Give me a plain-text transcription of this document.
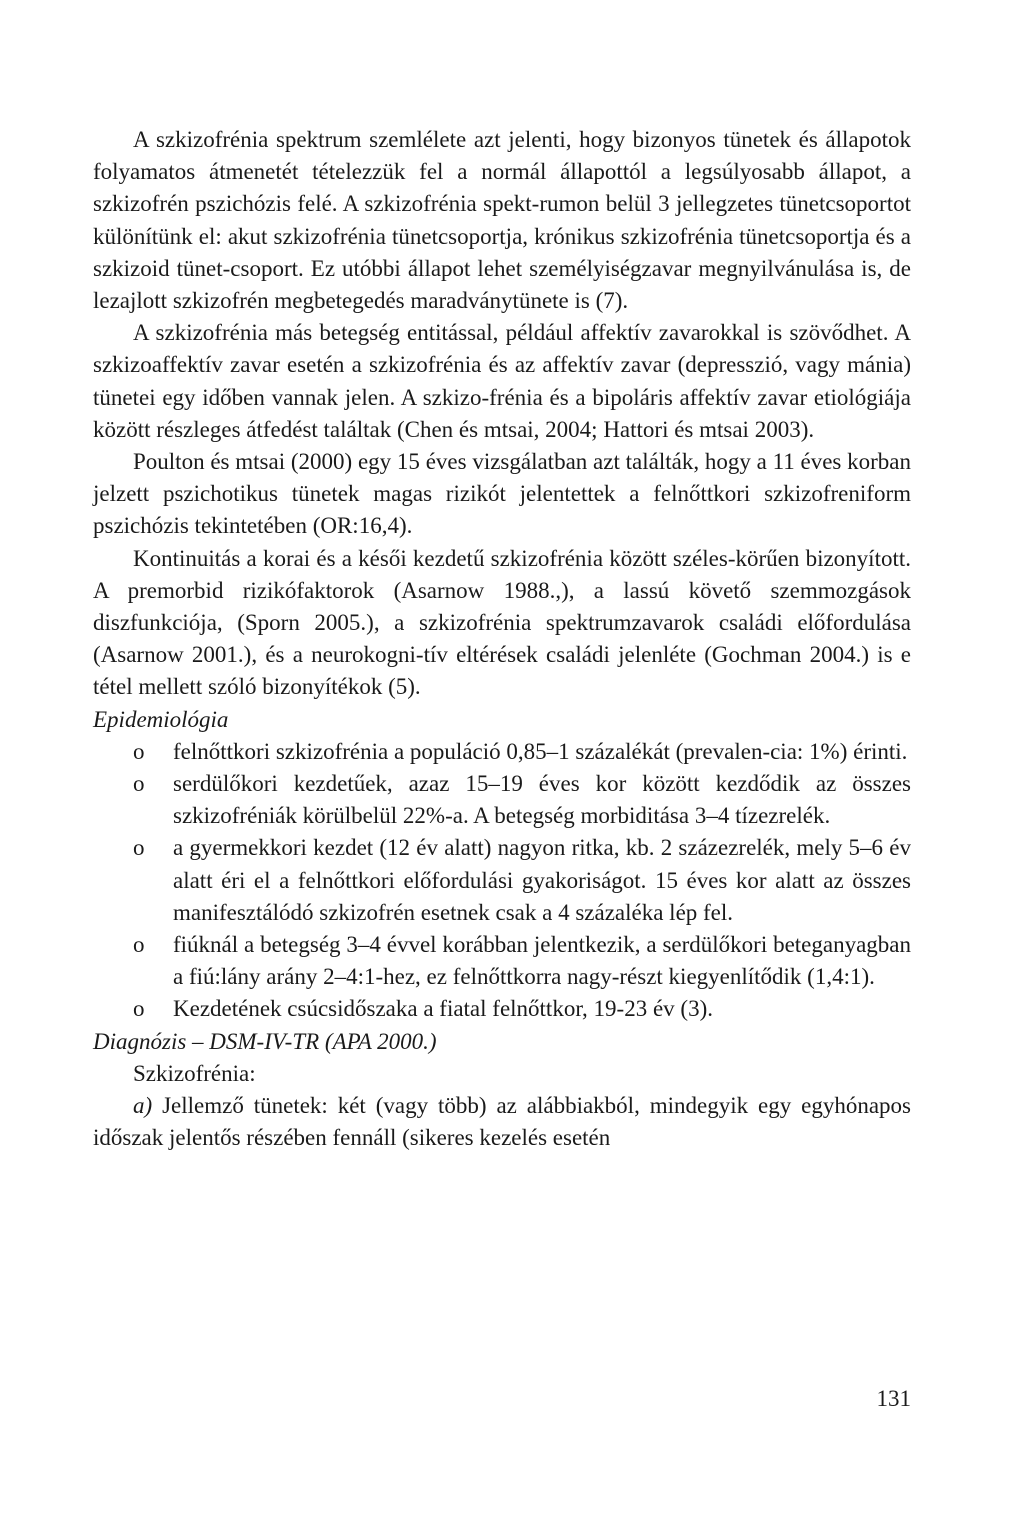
A szkizofrénia spektrum szemlélete azt jelenti, hogy bizonyos tünetek és állapotok folyamatos átmenetét tételezzük fel a normál állapottól a legsúlyosabb állapot, a szkizofrén pszichózis felé. A szkizofrénia spekt-rumon belül 3 jellegzetes tünetcsoportot különítünk el: akut szkizofrénia tünetcsoportja, krónikus szkizofrénia tünetcsoportja és a szkizoid tünet-csoport. Ez utóbbi állapot lehet személyiségzavar megnyilvánulása is, de lezajlott szkizofrén megbetegedés maradványtünete is (7).

A szkizofrénia más betegség entitással, például affektív zavarokkal is szövődhet. A szkizoaffektív zavar esetén a szkizofrénia és az affektív zavar (depresszió, vagy mánia) tünetei egy időben vannak jelen. A szkizo-frénia és a bipoláris affektív zavar etiológiája között részleges átfedést találtak (Chen és mtsai, 2004; Hattori és mtsai 2003).

Poulton és mtsai (2000) egy 15 éves vizsgálatban azt találták, hogy a 11 éves korban jelzett pszichotikus tünetek magas rizikót jelentettek a felnőttkori szkizofreniform pszichózis tekintetében (OR:16,4).

Kontinuitás a korai és a késői kezdetű szkizofrénia között széles-körűen bizonyított. A premorbid rizikófaktorok (Asarnow 1988.,), a lassú követő szemmozgások diszfunkciója, (Sporn 2005.), a szkizofrénia spektrumzavarok családi előfordulása (Asarnow 2001.), és a neurokogni-tív eltérések családi jelenléte (Gochman 2004.) is e tétel mellett szóló bizonyítékok (5).

Epidemiológia

o felnőttkori szkizofrénia a populáció 0,85–1 százalékát (prevalen-cia: 1%) érinti.
o serdülőkori kezdetűek, azaz 15–19 éves kor között kezdődik az összes szkizofréniák körülbelül 22%-a. A betegség morbiditása 3–4 tízezrelék.
o a gyermekkori kezdet (12 év alatt) nagyon ritka, kb. 2 százezrelék, mely 5–6 év alatt éri el a felnőttkori előfordulási gyakoriságot. 15 éves kor alatt az összes manifesztálódó szkizofrén esetnek csak a 4 százaléka lép fel.
o fiúknál a betegség 3–4 évvel korábban jelentkezik, a serdülőkori beteganyagban a fiú:lány arány 2–4:1-hez, ez felnőttkorra nagy-részt kiegyenlítődik (1,4:1).
o Kezdetének csúcsidőszaka a fiatal felnőttkor, 19-23 év (3).

Diagnózis – DSM-IV-TR (APA 2000.)

Szkizofrénia:

a) Jellemző tünetek: két (vagy több) az alábbiakból, mindegyik egy egyhónapos időszak jelentős részében fennáll (sikeres kezelés esetén

131
